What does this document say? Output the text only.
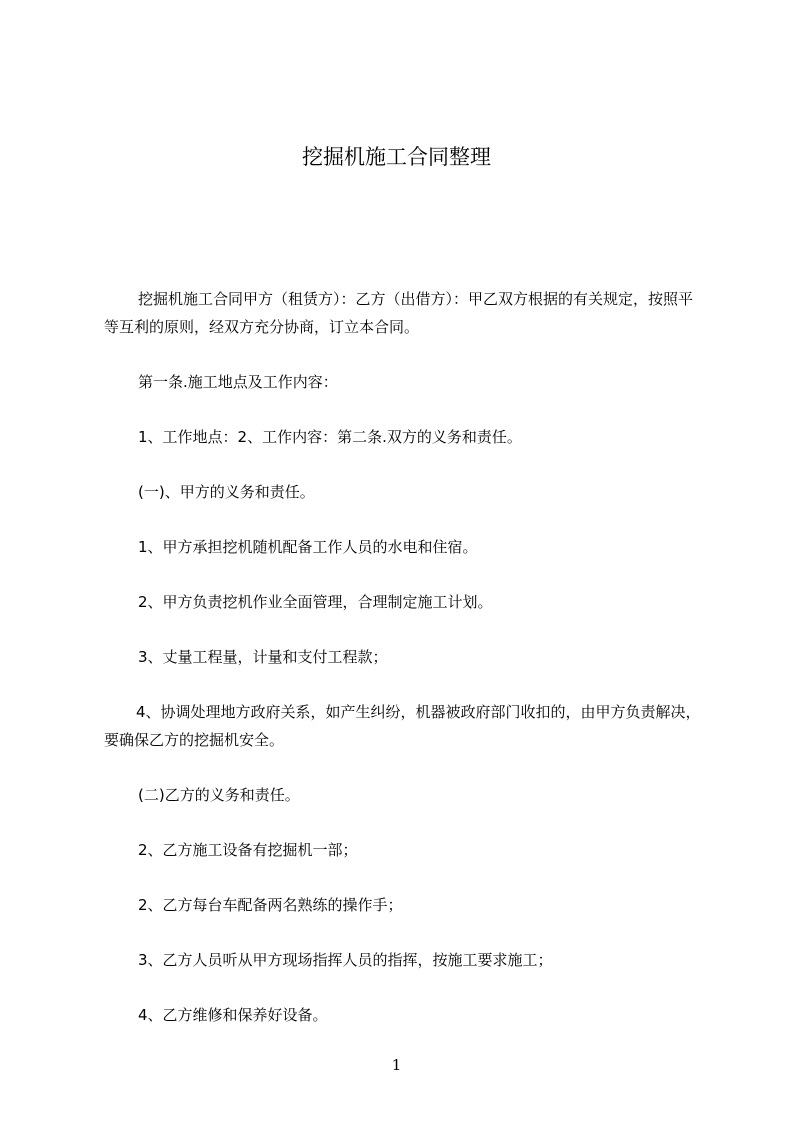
挖掘机施工合同整理

挖掘机施工合同甲方（租赁方）：乙方（出借方）：甲乙双方根据的有关规定，按照平等互利的原则，经双方充分协商，订立本合同。

第一条.施工地点及工作内容：

1、工作地点：2、工作内容：第二条.双方的义务和责任。

(一)、甲方的义务和责任。

1、甲方承担挖机随机配备工作人员的水电和住宿。

2、甲方负责挖机作业全面管理，合理制定施工计划。

3、丈量工程量，计量和支付工程款；

4、协调处理地方政府关系，如产生纠纷，机器被政府部门收扣的，由甲方负责解决，要确保乙方的挖掘机安全。

(二)乙方的义务和责任。

2、乙方施工设备有挖掘机一部；

2、乙方每台车配备两名熟练的操作手；

3、乙方人员听从甲方现场指挥人员的指挥，按施工要求施工；

4、乙方维修和保养好设备。

1
